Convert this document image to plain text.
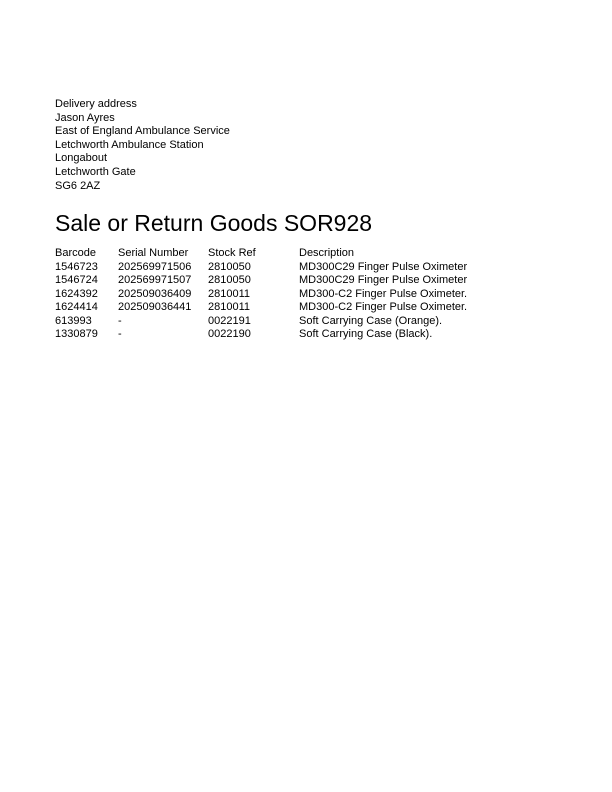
Delivery address
Jason Ayres
East of England Ambulance Service
Letchworth Ambulance Station
Longabout
Letchworth Gate
SG6 2AZ
Sale or Return Goods SOR928
Barcode	Serial Number	Stock Ref	Description
1546723	202569971506	2810050	MD300C29 Finger Pulse Oximeter
1546724	202569971507	2810050	MD300C29 Finger Pulse Oximeter
1624392	202509036409	2810011	MD300-C2 Finger Pulse Oximeter.
1624414	202509036441	2810011	MD300-C2 Finger Pulse Oximeter.
613993	-	0022191	Soft Carrying Case (Orange).
1330879	-	0022190	Soft Carrying Case (Black).
